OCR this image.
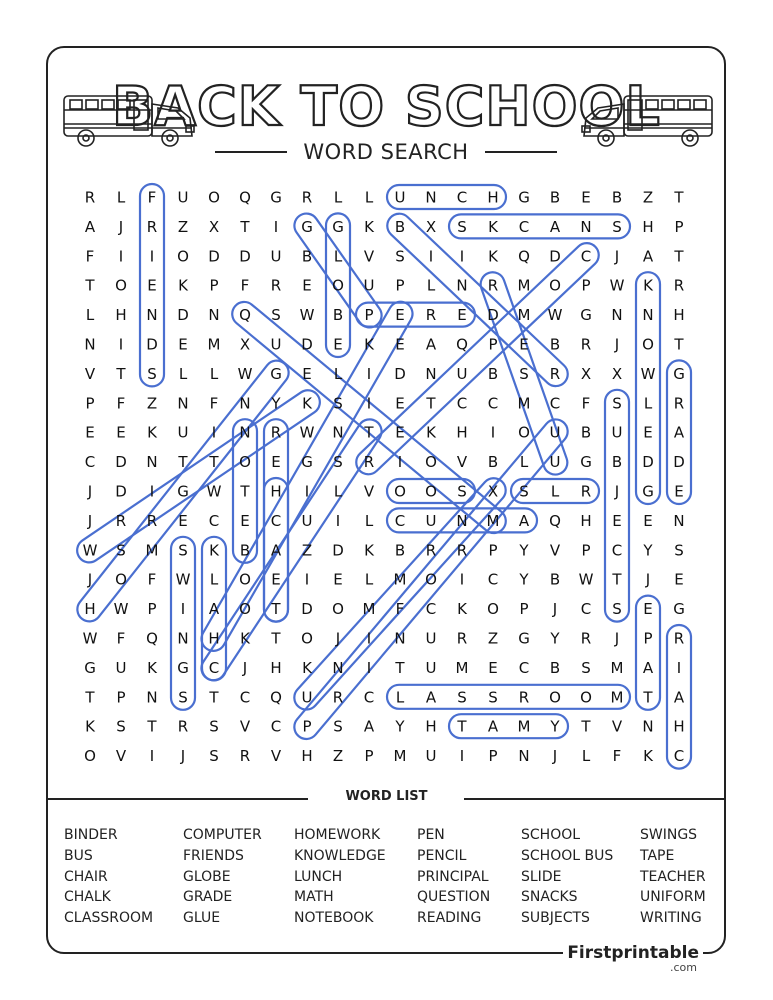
BACK TO SCHOOL
WORD SEARCH
R L F U O Q G R L L U N C H G B E B Z T
A J R Z X T I G G K B X S K C A N S H P
F I I O D D U B L V S I I K Q D C J A T
T O E K P F R E O U P L N R M O P W K R
L H N D N Q S W B P E R E D M W G N N H
N I D E M X U D E K E A Q P E B R J O T
V T S L L W G E L I D N U B S R X X W G
P F Z N F N Y K S I E T C C M C F S L R
E E K U I N R W N T E K H I O U B U E A
C D N T T O E G S R I O V B L U G B D D
J D I G W T H I L V O O S X S L R J G E
J R R E C E C U I L C U N M A Q H E E N
W S M S K B A Z D K B R R P Y V P C Y S
J O F W L O E I E L M O I C Y B W T J E
H W P I A O T D O M F C K O P J C S E G
W F Q N H K T O J I N U R Z G Y R J P R
G U K G C J H K N I T U M E C B S M A I
T P N S T C Q U R C L A S S R O O M T A
K S T R S V C P S A Y H T A M Y T V N H
O V I J S R V H Z P M U I P N J L F K C
WORD LIST
BINDER
BUS
CHAIR
CHALK
CLASSROOM
COMPUTER
FRIENDS
GLOBE
GRADE
GLUE
HOMEWORK
KNOWLEDGE
LUNCH
MATH
NOTEBOOK
PEN
PENCIL
PRINCIPAL
QUESTION
READING
SCHOOL
SCHOOL BUS
SLIDE
SNACKS
SUBJECTS
SWINGS
TAPE
TEACHER
UNIFORM
WRITING
Firstprintable
.com
